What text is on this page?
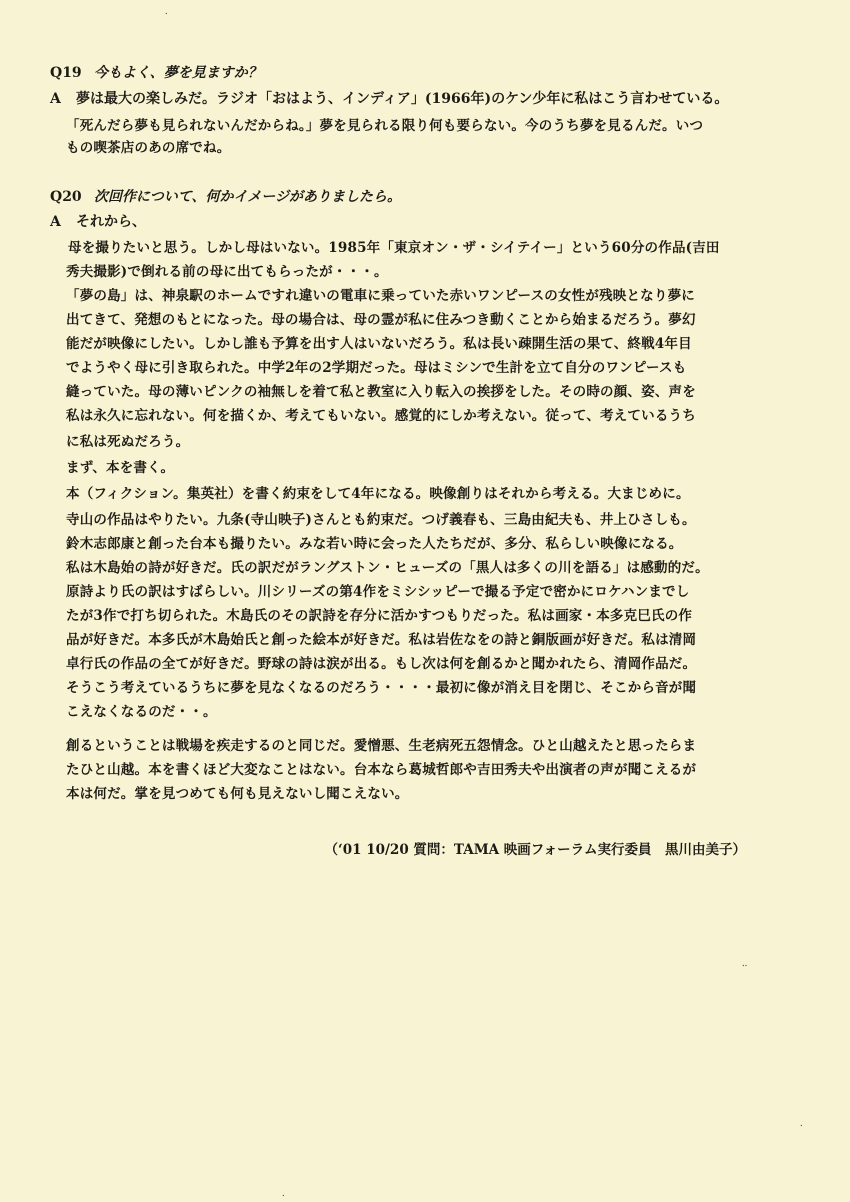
⸱
Q19 今もよく、夢を見ますか？
A 夢は最大の楽しみだ。ラジオ「おはよう、インディア」(1966年)のケン少年に私はこう言わせている。
「死んだら夢も見られないんだからね。」夢を見られる限り何も要らない。今のうち夢を見るんだ。いつ
もの喫茶店のあの席でね。
Q20 次回作について、何かイメージがありましたら。
A それから、
母を撮りたいと思う。しかし母はいない。1985年「東京オン・ザ・シイテイー」という60分の作品(吉田
秀夫撮影)で倒れる前の母に出てもらったが・・・。
「夢の島」は、神泉駅のホームですれ違いの電車に乗っていた赤いワンピースの女性が残映となり夢に
出てきて、発想のもとになった。母の場合は、母の霊が私に住みつき動くことから始まるだろう。夢幻
能だが映像にしたい。しかし誰も予算を出す人はいないだろう。私は長い疎開生活の果て、終戦4年目
でようやく母に引き取られた。中学2年の2学期だった。母はミシンで生計を立て自分のワンピースも
縫っていた。母の薄いピンクの袖無しを着て私と教室に入り転入の挨拶をした。その時の顔、姿、声を
私は永久に忘れない。何を描くか、考えてもいない。感覚的にしか考えない。従って、考えているうち
に私は死ぬだろう。
まず、本を書く。
本（フィクション。集英社）を書く約束をして4年になる。映像創りはそれから考える。大まじめに。
寺山の作品はやりたい。九条(寺山映子)さんとも約束だ。つげ義春も、三島由紀夫も、井上ひさしも。
鈴木志郎康と創った台本も撮りたい。みな若い時に会った人たちだが、多分、私らしい映像になる。
私は木島始の詩が好きだ。氏の訳だがラングストン・ヒューズの「黒人は多くの川を語る」は感動的だ。
原詩より氏の訳はすばらしい。川シリーズの第4作をミシシッピーで撮る予定で密かにロケハンまでし
たが3作で打ち切られた。木島氏のその訳詩を存分に活かすつもりだった。私は画家・本多克巳氏の作
品が好きだ。本多氏が木島始氏と創った絵本が好きだ。私は岩佐なをの詩と銅版画が好きだ。私は清岡
卓行氏の作品の全てが好きだ。野球の詩は涙が出る。もし次は何を創るかと聞かれたら、清岡作品だ。
そうこう考えているうちに夢を見なくなるのだろう・・・・最初に像が消え目を閉じ、そこから音が聞
こえなくなるのだ・・。
創るということは戦場を疾走するのと同じだ。愛憎悪、生老病死五怨情念。ひと山越えたと思ったらま
たひと山越。本を書くほど大変なことはない。台本なら葛城哲郎や吉田秀夫や出演者の声が聞こえるが
本は何だ。掌を見つめても何も見えないし聞こえない。
（‘01 10/20 質問：TAMA 映画フォーラム実行委員　黒川由美子）
⸱⸱
⸱
⸱
